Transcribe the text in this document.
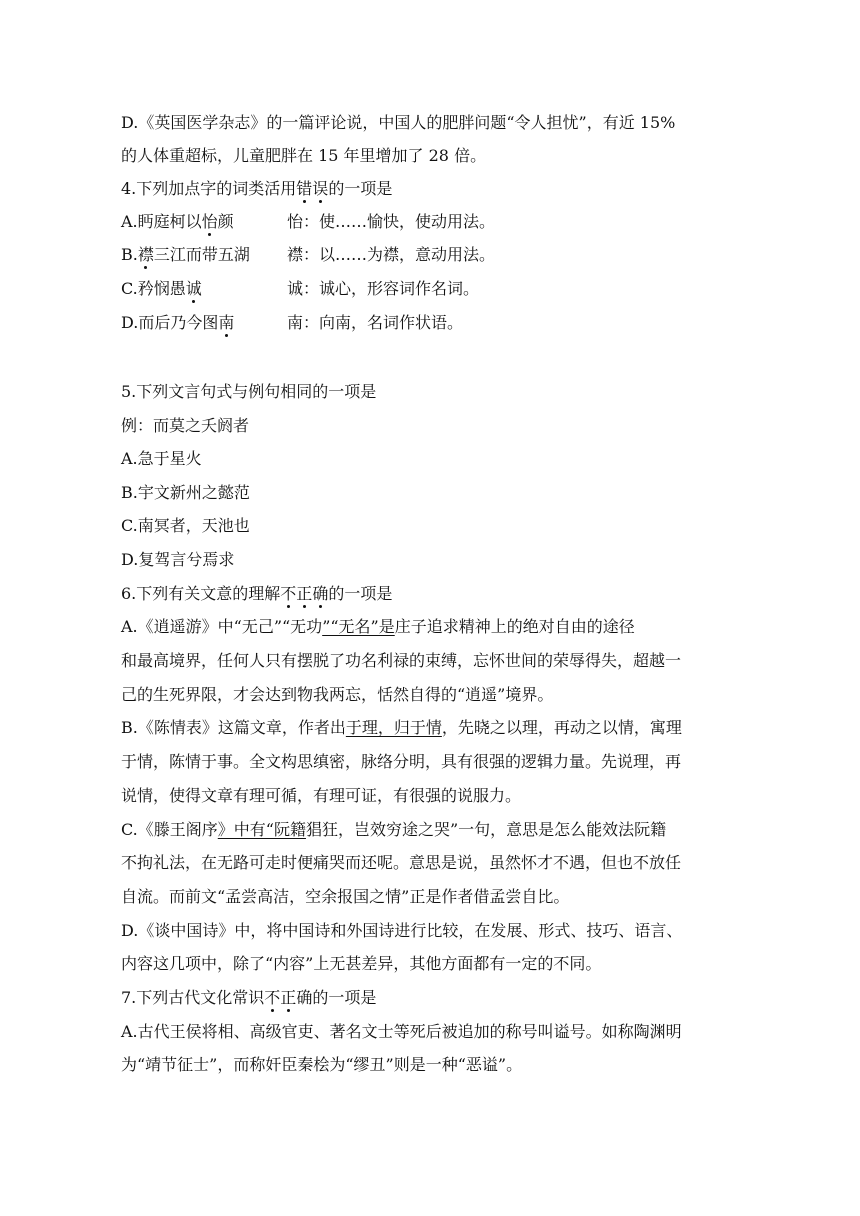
D.《英国医学杂志》的一篇评论说，中国人的肥胖问题“令人担忧”，有近 15%
的人体重超标，儿童肥胖在 15 年里增加了 28 倍。
4.下列加点字的词类活用错误的一项是
A.眄庭柯以怡颜	怡：使……愉快，使动用法。
B.襟三江而带五湖 襟：以……为襟，意动用法。
C.矜悯愚诚	诚：诚心，形容词作名词。
D.而后乃今图南	南：向南，名词作状语。
5.下列文言句式与例句相同的一项是
例：而莫之夭阏者
A.急于星火
B.宇文新州之懿范
C.南冥者，天池也
D.复驾言兮焉求
6.下列有关文意的理解不正确的一项是
A.《逍遥游》中“无己”“无功”“无名”是庄子追求精神上的绝对自由的途径
和最高境界，任何人只有摆脱了功名利禄的束缚，忘怀世间的荣辱得失，超越一
己的生死界限，才会达到物我两忘，恬然自得的“逍遥”境界。
B.《陈情表》这篇文章，作者出于理，归于情，先晓之以理，再动之以情，寓理
于情，陈情于事。全文构思缜密，脉络分明，具有很强的逻辑力量。先说理，再
说情，使得文章有理可循，有理可证，有很强的说服力。
C.《滕王阁序》中有“阮籍猖狂，岂效穷途之哭”一句，意思是怎么能效法阮籍
不拘礼法，在无路可走时便痛哭而还呢。意思是说，虽然怀才不遇，但也不放任
自流。而前文“孟尝高洁，空余报国之情”正是作者借孟尝自比。
D.《谈中国诗》中，将中国诗和外国诗进行比较，在发展、形式、技巧、语言、
内容这几项中，除了“内容”上无甚差异，其他方面都有一定的不同。
7.下列古代文化常识不正确的一项是
A.古代王侯将相、高级官吏、著名文士等死后被追加的称号叫谥号。如称陶渊明
为“靖节征士”，而称奸臣秦桧为“缪丑”则是一种“恶谥”。
